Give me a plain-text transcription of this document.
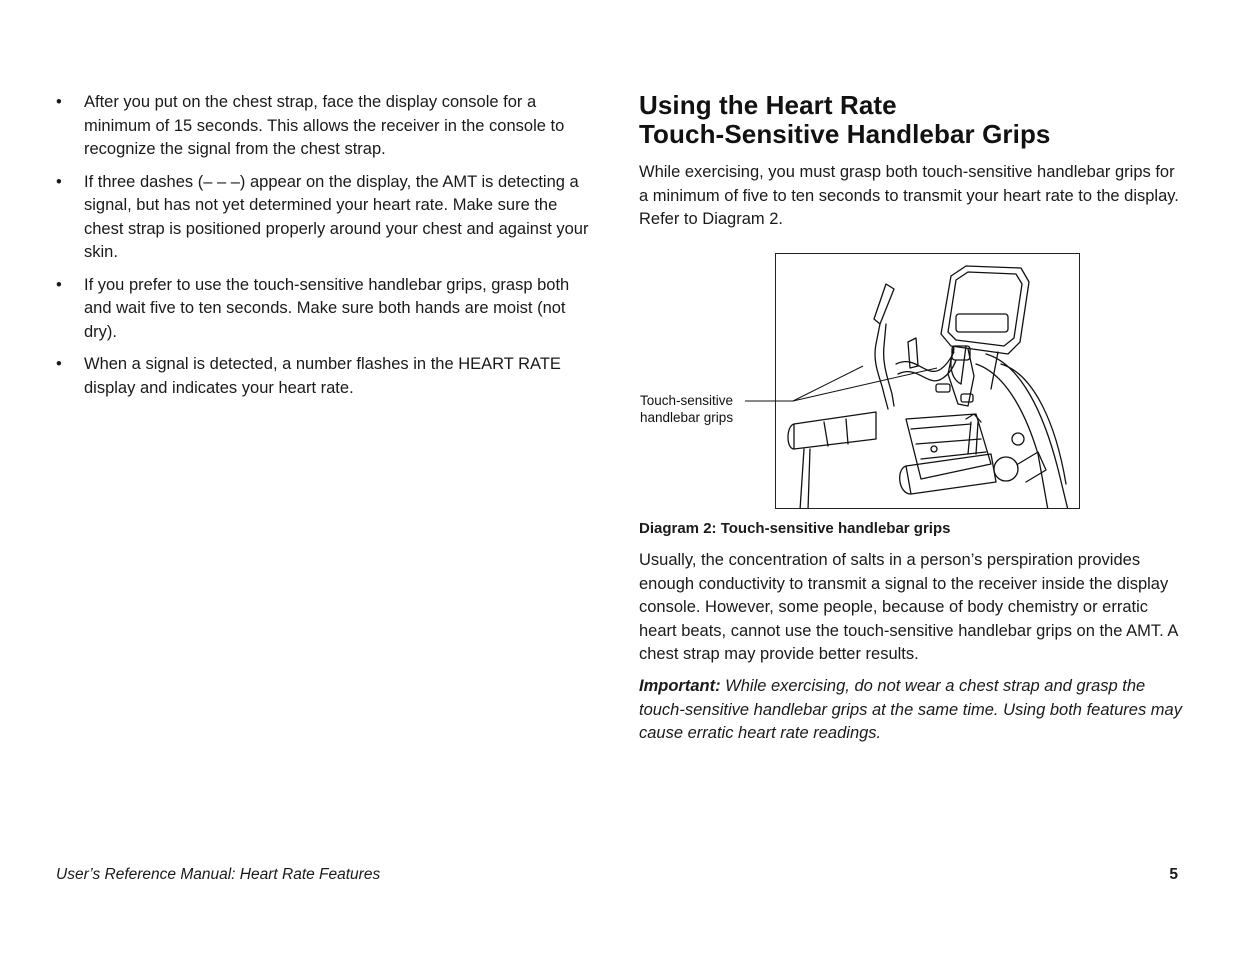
• After you put on the chest strap, face the display console for a minimum of 15 seconds. This allows the receiver in the console to recognize the signal from the chest strap.
• If three dashes (– – –) appear on the display, the AMT is detecting a signal, but has not yet determined your heart rate. Make sure the chest strap is positioned properly around your chest and against your skin.
• If you prefer to use the touch-sensitive handlebar grips, grasp both and wait five to ten seconds. Make sure both hands are moist (not dry).
• When a signal is detected, a number flashes in the HEART RATE display and indicates your heart rate.
Using the Heart Rate
Touch-Sensitive Handlebar Grips

While exercising, you must grasp both touch-sensitive handlebar grips for a minimum of five to ten seconds to transmit your heart rate to the display. Refer to Diagram 2.

Touch-sensitive
handlebar grips
Diagram 2: Touch-sensitive handlebar grips

Usually, the concentration of salts in a person’s perspiration provides enough conductivity to transmit a signal to the receiver inside the display console. However, some people, because of body chemistry or erratic heart beats, cannot use the touch-sensitive handlebar grips on the AMT. A chest strap may provide better results.

Important: While exercising, do not wear a chest strap and grasp the touch-sensitive handlebar grips at the same time. Using both features may cause erratic heart rate readings.

User’s Reference Manual: Heart Rate Features	5
